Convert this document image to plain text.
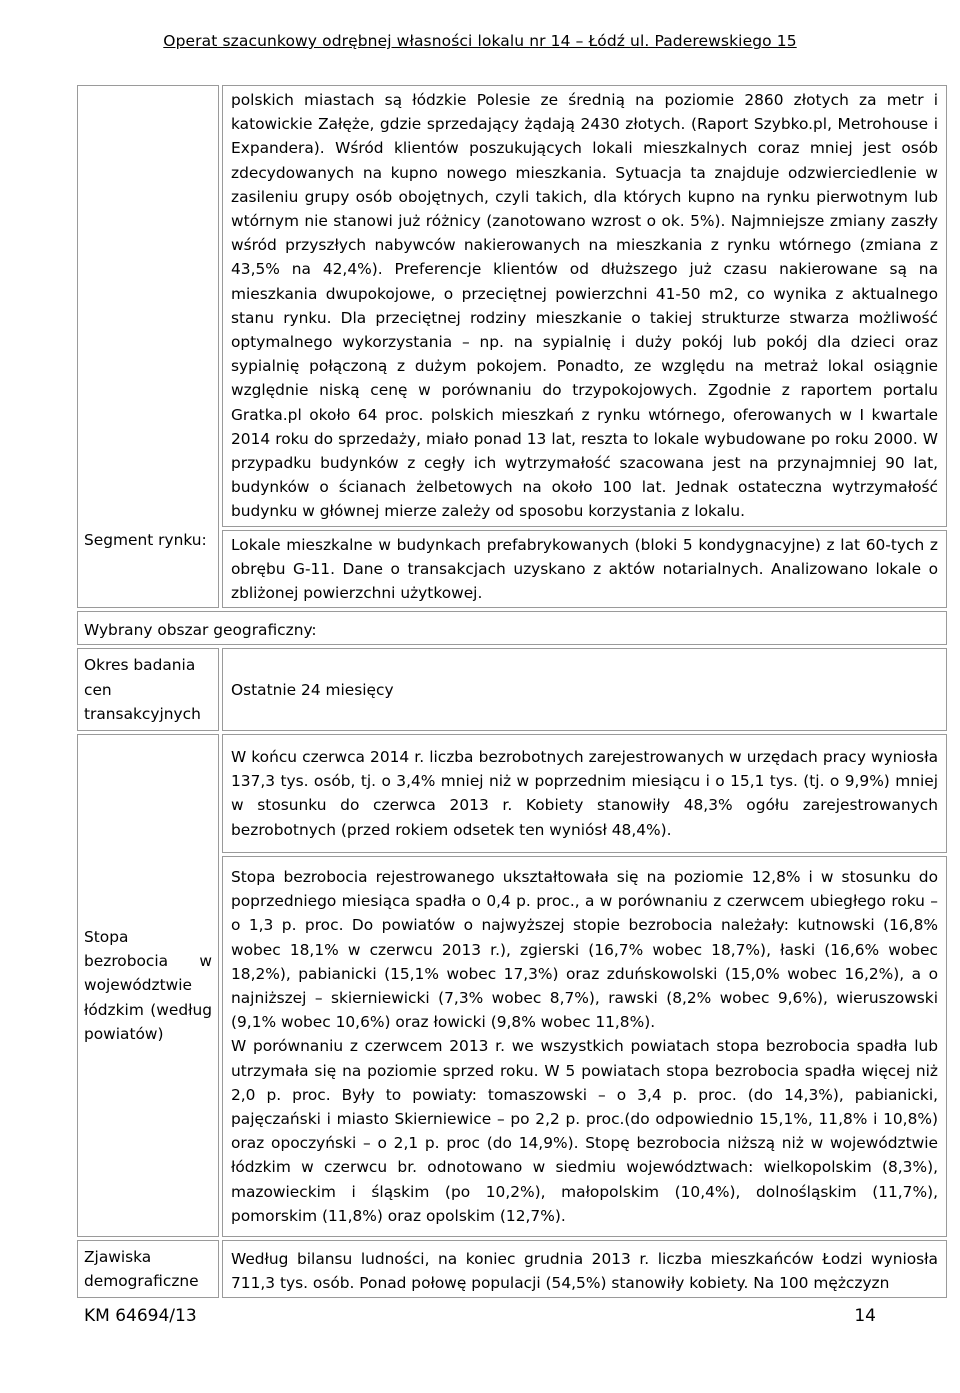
Operat szacunkowy odrębnej własności lokalu nr 14 – Łódź ul. Paderewskiego 15

Segment rynku:	polskich miastach są łódzkie Polesie ze średnią na poziomie 2860 złotych za metr i katowickie Załęże, gdzie sprzedający żądają 2430 złotych. (Raport Szybko.pl, Metrohouse i Expandera). Wśród klientów poszukujących lokali mieszkalnych coraz mniej jest osób zdecydowanych na kupno nowego mieszkania. Sytuacja ta znajduje odzwierciedlenie w zasileniu grupy osób obojętnych, czyli takich, dla których kupno na rynku pierwotnym lub wtórnym nie stanowi już różnicy (zanotowano wzrost o ok. 5%). Najmniejsze zmiany zaszły wśród przyszłych nabywców nakierowanych na mieszkania z rynku wtórnego (zmiana z 43,5% na 42,4%). Preferencje klientów od dłuższego już czasu nakierowane są na mieszkania dwupokojowe, o przeciętnej powierzchni 41-50 m2, co wynika z aktualnego stanu rynku. Dla przeciętnej rodziny mieszkanie o takiej strukturze stwarza możliwość optymalnego wykorzystania – np. na sypialnię i duży pokój lub pokój dla dzieci oraz sypialnię połączoną z dużym pokojem. Ponadto, ze względu na metraż lokal osiągnie względnie niską cenę w porównaniu do trzypokojowych. Zgodnie z raportem portalu Gratka.pl około 64 proc. polskich mieszkań z rynku wtórnego, oferowanych w I kwartale 2014 roku do sprzedaży, miało ponad 13 lat, reszta to lokale wybudowane po roku 2000. W przypadku budynków z cegły ich wytrzymałość szacowana jest na przynajmniej 90 lat, budynków o ścianach żelbetowych na około 100 lat. Jednak ostateczna wytrzymałość budynku w głównej mierze zależy od sposobu korzystania z lokalu.

	Lokale mieszkalne w budynkach prefabrykowanych (bloki 5 kondygnacyjne) z lat 60-tych z obrębu G-11. Dane o transakcjach uzyskano z aktów notarialnych. Analizowano lokale o zbliżonej powierzchni użytkowej.

Wybrany obszar geograficzny:	

Okres badania cen transakcyjnych	Ostatnie 24 miesięcy

Stopa bezrobocia w województwie łódzkim (według powiatów)	W końcu czerwca 2014 r. liczba bezrobotnych zarejestrowanych w urzędach pracy wyniosła 137,3 tys. osób, tj. o 3,4% mniej niż w poprzednim miesiącu i o 15,1 tys. (tj. o 9,9%) mniej w stosunku do czerwca 2013 r. Kobiety stanowiły 48,3% ogółu zarejestrowanych bezrobotnych (przed rokiem odsetek ten wyniósł 48,4%).

	Stopa bezrobocia rejestrowanego ukształtowała się na poziomie 12,8% i w stosunku do poprzedniego miesiąca spadła o 0,4 p. proc., a w porównaniu z czerwcem ubiegłego roku – o 1,3 p. proc. Do powiatów o najwyższej stopie bezrobocia należały: kutnowski (16,8% wobec 18,1% w czerwcu 2013 r.), zgierski (16,7% wobec 18,7%), łaski (16,6% wobec 18,2%), pabianicki (15,1% wobec 17,3%) oraz zduńskowolski (15,0% wobec 16,2%), a o najniższej – skierniewicki (7,3% wobec 8,7%), rawski (8,2% wobec 9,6%), wieruszowski (9,1% wobec 10,6%) oraz łowicki (9,8% wobec 11,8%).

W porównaniu z czerwcem 2013 r. we wszystkich powiatach stopa bezrobocia spadła lub utrzymała się na poziomie sprzed roku. W 5 powiatach stopa bezrobocia spadła więcej niż 2,0 p. proc. Były to powiaty: tomaszowski – o 3,4 p. proc. (do 14,3%), pabianicki, pajęczański i miasto Skierniewice – po 2,2 p. proc.(do odpowiednio 15,1%, 11,8% i 10,8%) oraz opoczyński – o 2,1 p. proc (do 14,9%). Stopę bezrobocia niższą niż w województwie łódzkim w czerwcu br. odnotowano w siedmiu województwach: wielkopolskim (8,3%), mazowieckim i śląskim (po 10,2%), małopolskim (10,4%), dolnośląskim (11,7%), pomorskim (11,8%) oraz opolskim (12,7%).

Zjawiska demograficzne	Według bilansu ludności, na koniec grudnia 2013 r. liczba mieszkańców Łodzi wyniosła 711,3 tys. osób. Ponad połowę populacji (54,5%) stanowiły kobiety. Na 100 mężczyzn

KM 64694/13	14
